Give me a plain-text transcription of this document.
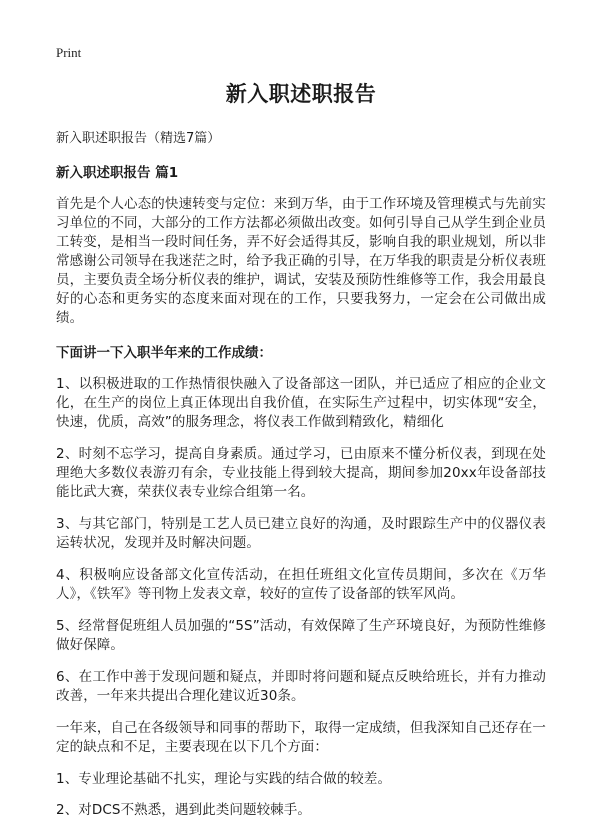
Print
新入职述职报告
新入职述职报告（精选7篇）
新入职述职报告 篇1

首先是个人心态的快速转变与定位：来到万华，由于工作环境及管理模式与先前实习单位的不同，大部分的工作方法都必须做出改变。如何引导自己从学生到企业员工转变，是相当一段时间任务，弄不好会适得其反，影响自我的职业规划，所以非常感谢公司领导在我迷茫之时，给予我正确的引导，在万华我的职责是分析仪表班员，主要负责全场分析仪表的维护，调试，安装及预防性维修等工作，我会用最良好的心态和更务实的态度来面对现在的工作，只要我努力，一定会在公司做出成绩。

下面讲一下入职半年来的工作成绩：

1、以积极进取的工作热情很快融入了设备部这一团队，并已适应了相应的企业文化，在生产的岗位上真正体现出自我价值，在实际生产过程中，切实体现“安全，快速，优质，高效”的服务理念，将仪表工作做到精致化，精细化

2、时刻不忘学习，提高自身素质。通过学习，已由原来不懂分析仪表，到现在处理绝大多数仪表游刃有余，专业技能上得到较大提高，期间参加20xx年设备部技能比武大赛，荣获仪表专业综合组第一名。

3、与其它部门，特别是工艺人员已建立良好的沟通，及时跟踪生产中的仪器仪表运转状况，发现并及时解决问题。

4、积极响应设备部文化宣传活动，在担任班组文化宣传员期间，多次在《万华人》，《铁军》等刊物上发表文章，较好的宣传了设备部的铁军风尚。

5、经常督促班组人员加强的“5S”活动，有效保障了生产环境良好，为预防性维修做好保障。

6、在工作中善于发现问题和疑点，并即时将问题和疑点反映给班长，并有力推动改善，一年来共提出合理化建议近30条。

一年来，自己在各级领导和同事的帮助下，取得一定成绩，但我深知自己还存在一定的缺点和不足，主要表现在以下几个方面：

1、专业理论基础不扎实，理论与实践的结合做的较差。

2、对DCS不熟悉，遇到此类问题较棘手。
